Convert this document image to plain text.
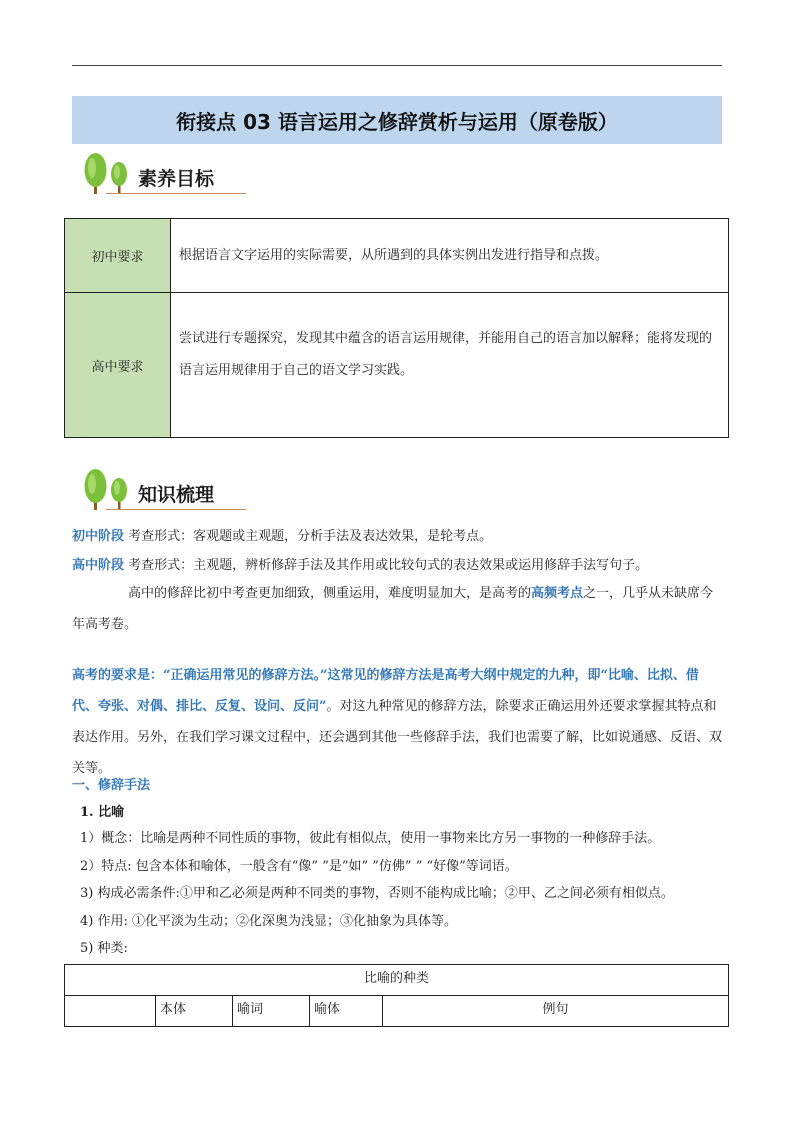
衔接点 03 语言运用之修辞赏析与运用（原卷版）
素养目标
初中要求	根据语言文字运用的实际需要，从所遇到的具体实例出发进行指导和点拨。
高中要求	尝试进行专题探究，发现其中蕴含的语言运用规律，并能用自己的语言加以解释；能将发现的语言运用规律用于自己的语文学习实践。
知识梳理
初中阶段 考查形式：客观题或主观题，分析手法及表达效果，是轮考点。
高中阶段 考查形式：主观题，辨析修辞手法及其作用或比较句式的表达效果或运用修辞手法写句子。
高中的修辞比初中考查更加细致，侧重运用，难度明显加大，是高考的高频考点之一，几乎从未缺席今年高考卷。
高考的要求是：“正确运用常见的修辞方法。”这常见的修辞方法是高考大纲中规定的九种，即“比喻、比拟、借代、夸张、对偶、排比、反复、设问、反问”。对这九种常见的修辞方法，除要求正确运用外还要求掌握其特点和表达作用。另外，在我们学习课文过程中，还会遇到其他一些修辞手法，我们也需要了解，比如说通感、反语、双关等。
一、修辞手法
1. 比喻
1）概念：比喻是两种不同性质的事物，彼此有相似点，使用一事物来比方另一事物的一种修辞手法。
2）特点: 包含本体和喻体，一般含有“像” ”是”如” ”仿佛” ” “好像”等词语。
3) 构成必需条件:①甲和乙必须是两种不同类的事物，否则不能构成比喻；②甲、乙之间必须有相似点。
4) 作用: ①化平淡为生动；②化深奥为浅显；③化抽象为具体等。
5) 种类:
比喻的种类
	本体	喻词	喻体	例句
